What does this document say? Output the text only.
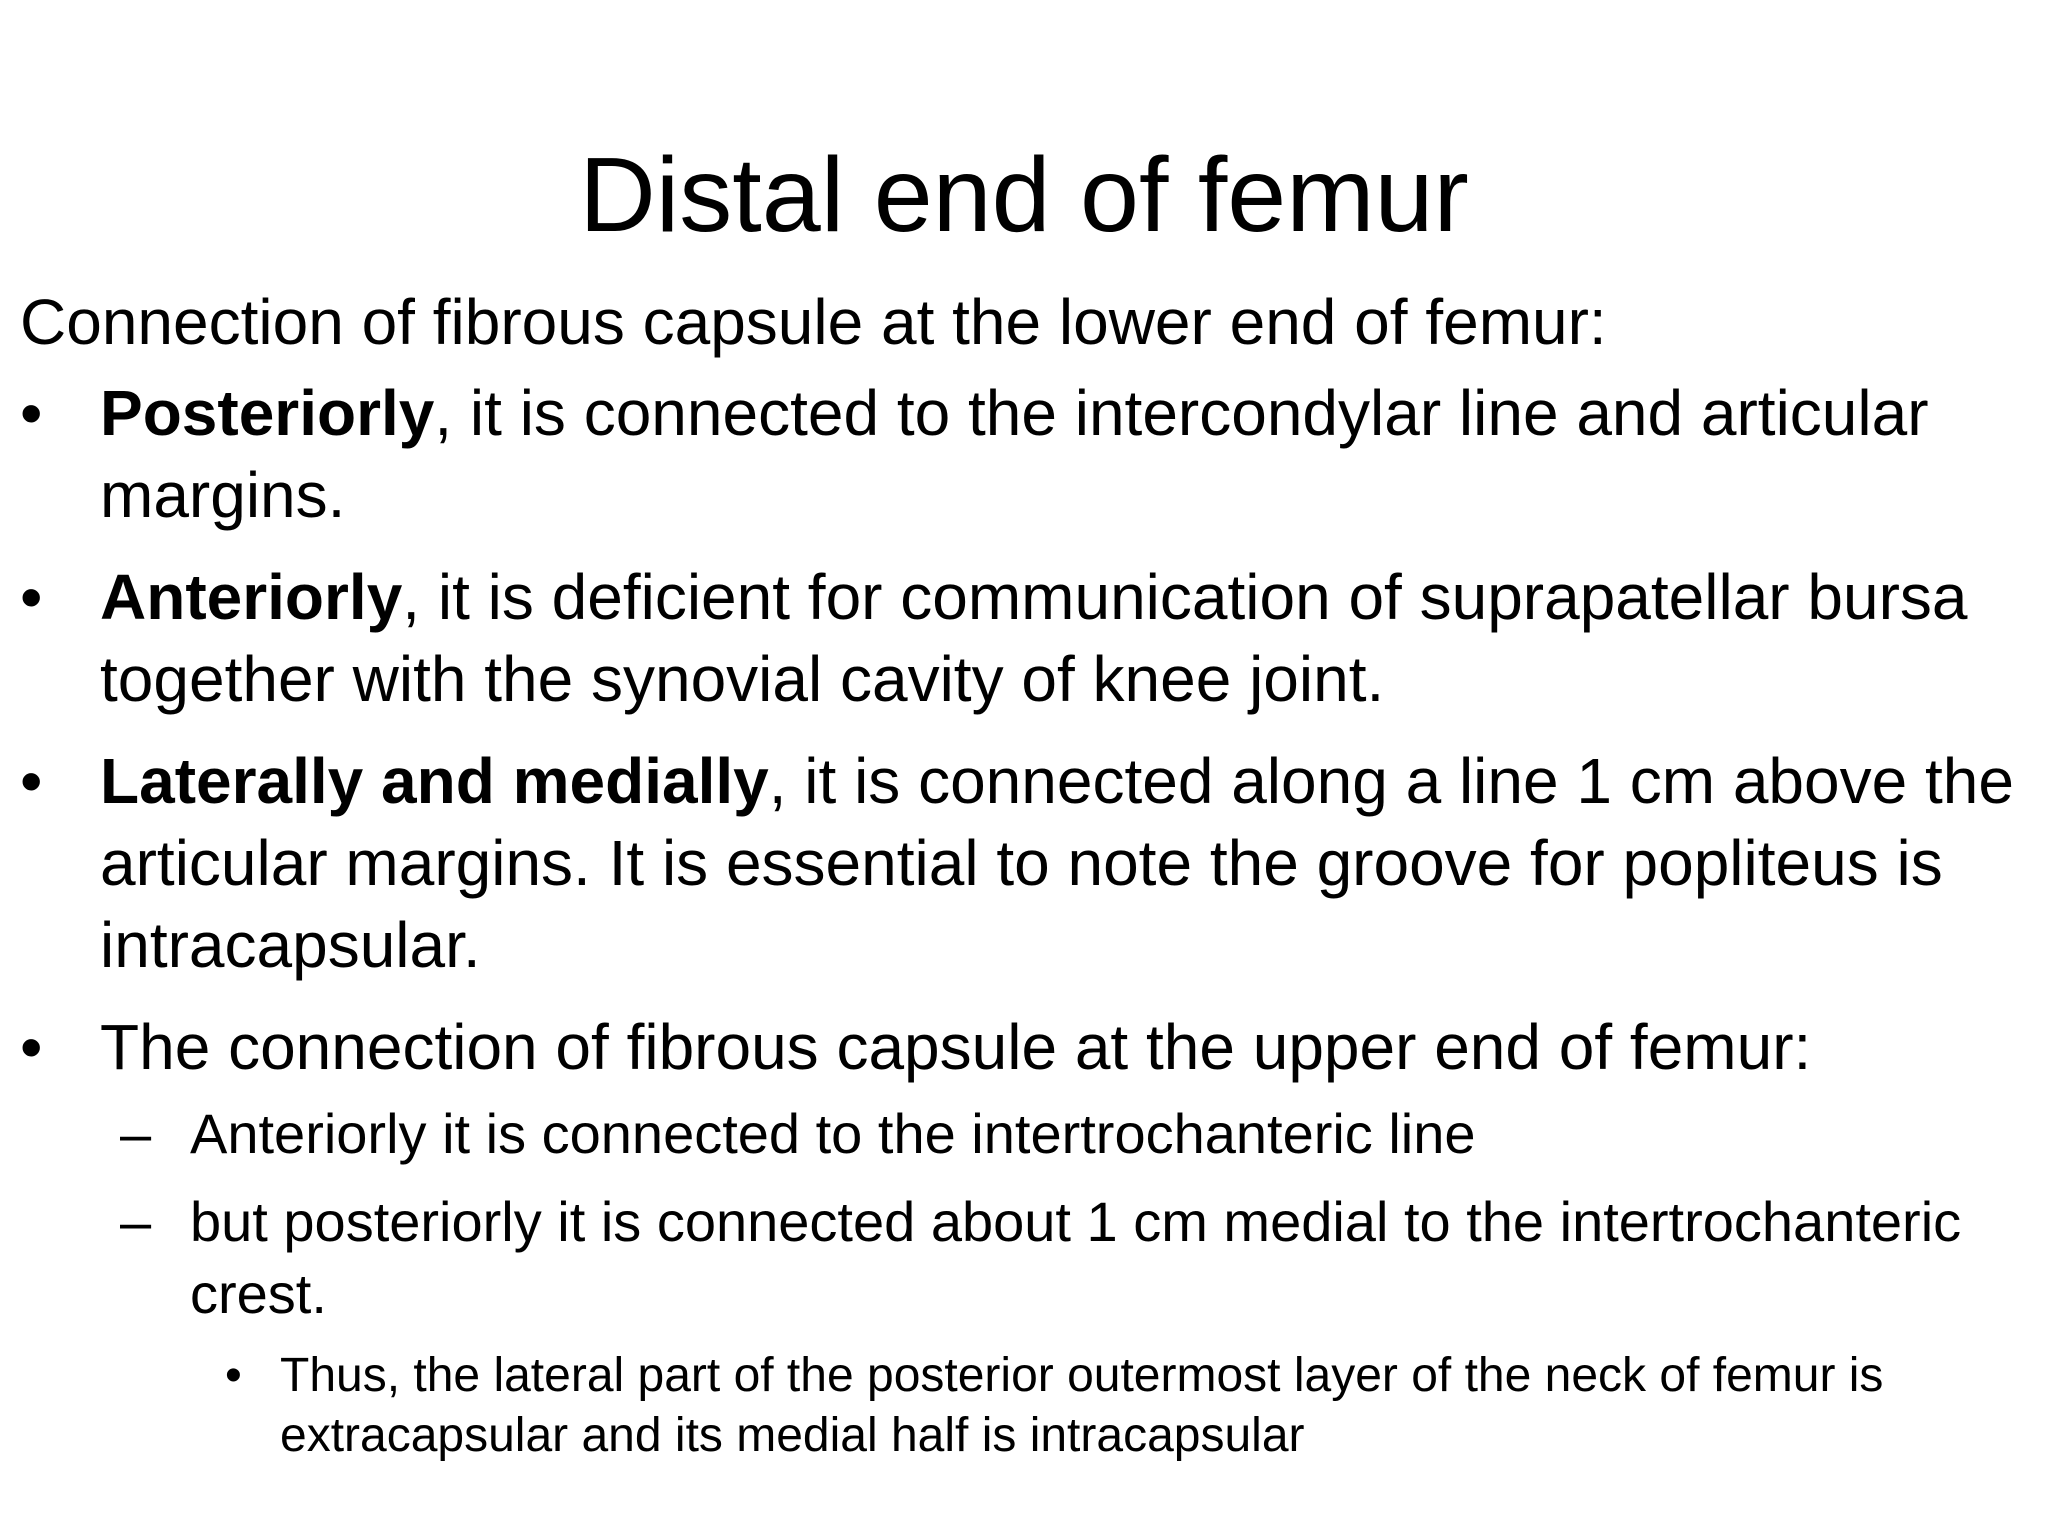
Distal end of femur

Connection of fibrous capsule at the lower end of femur:

• Posteriorly, it is connected to the intercondylar line and articular margins.
• Anteriorly, it is deficient for communication of suprapatellar bursa together with the synovial cavity of knee joint.
• Laterally and medially, it is connected along a line 1 cm above the articular margins. It is essential to note the groove for popliteus is intracapsular.
• The connection of fibrous capsule at the upper end of femur:
– Anteriorly it is connected to the intertrochanteric line
– but posteriorly it is connected about 1 cm medial to the intertrochanteric crest.
• Thus, the lateral part of the posterior outermost layer of the neck of femur is extracapsular and its medial half is intracapsular
